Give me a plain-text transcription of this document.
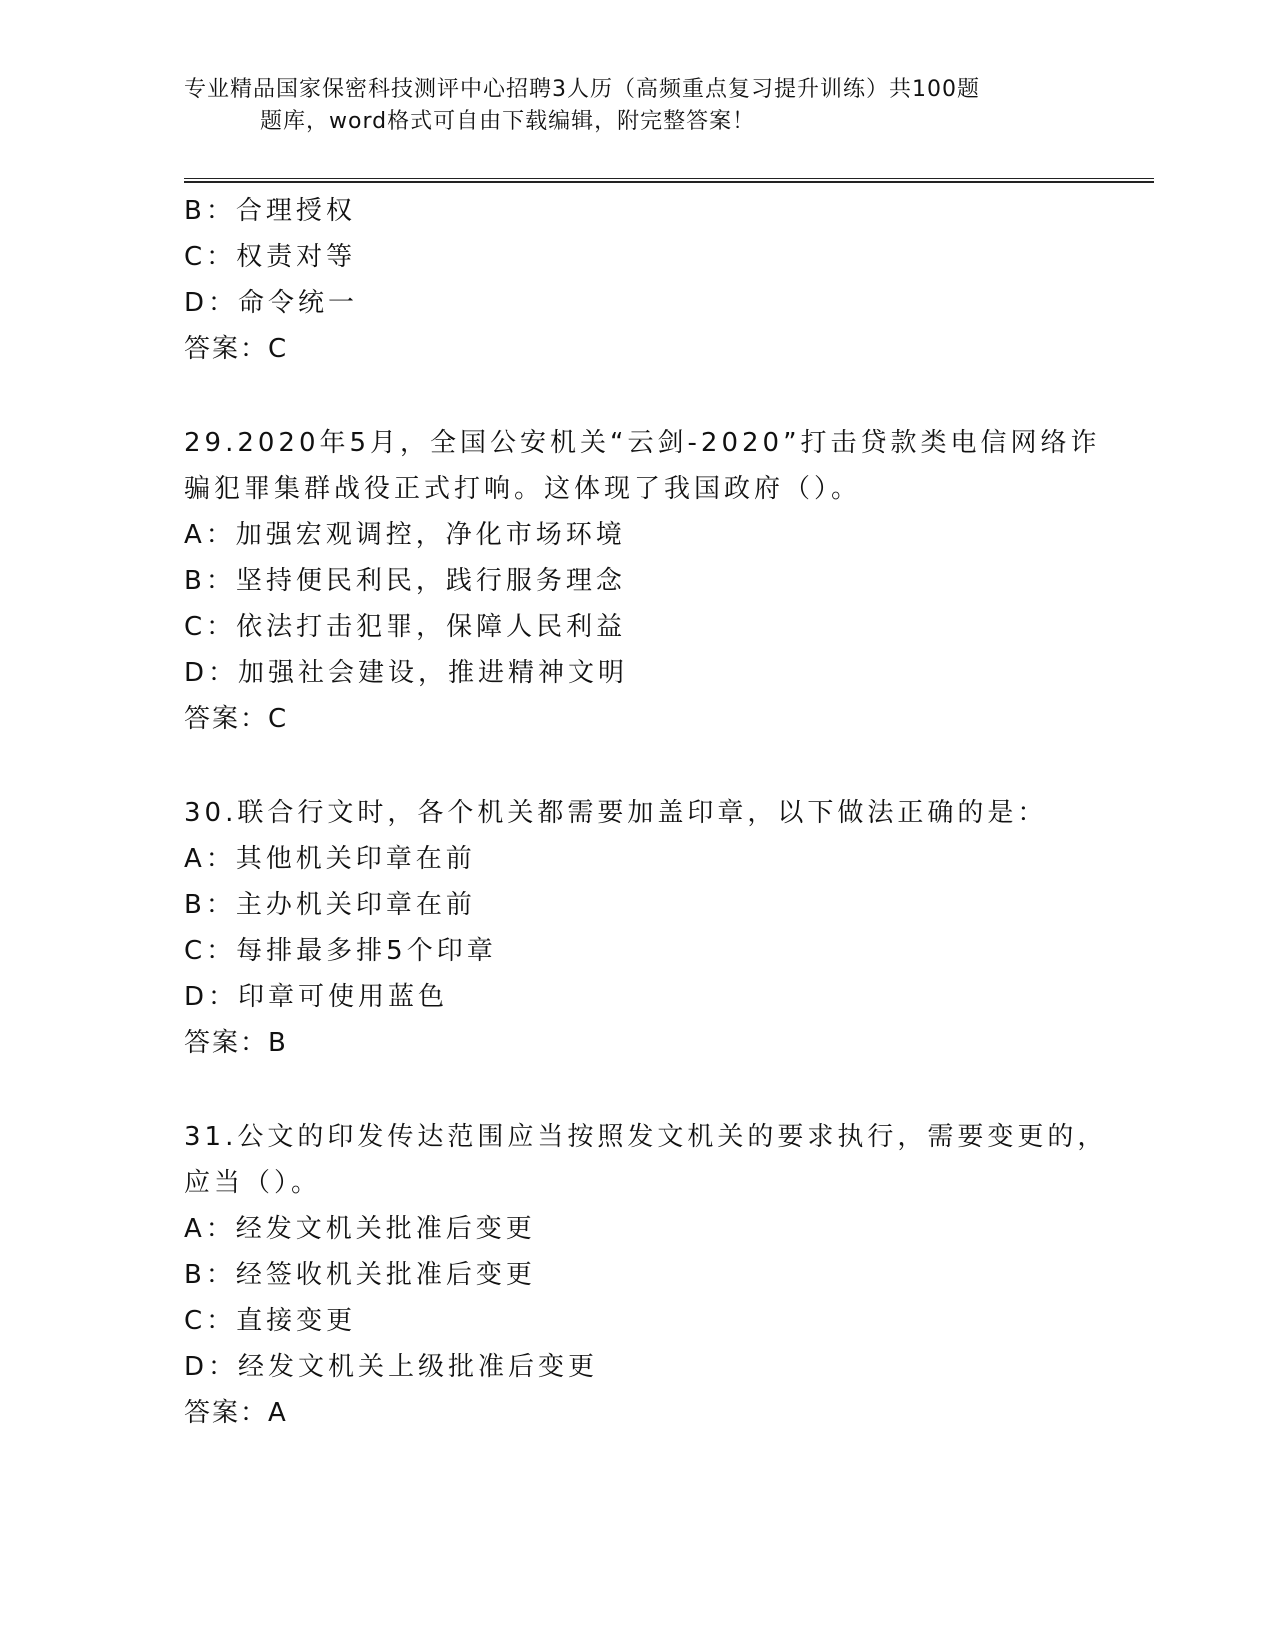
专业精品国家保密科技测评中心招聘3人历（高频重点复习提升训练）共100题
题库，word格式可自由下载编辑，附完整答案！
B：合理授权
C：权责对等
D：命令统一
答案：C
29.2020年5月，全国公安机关“云剑-2020”打击贷款类电信网络诈
骗犯罪集群战役正式打响。这体现了我国政府（）。
A：加强宏观调控，净化市场环境
B：坚持便民利民，践行服务理念
C：依法打击犯罪，保障人民利益
D：加强社会建设，推进精神文明
答案：C
30.联合行文时，各个机关都需要加盖印章，以下做法正确的是：
A：其他机关印章在前
B：主办机关印章在前
C：每排最多排5个印章
D：印章可使用蓝色
答案：B
31.公文的印发传达范围应当按照发文机关的要求执行，需要变更的，
应当（）。
A：经发文机关批准后变更
B：经签收机关批准后变更
C：直接变更
D：经发文机关上级批准后变更
答案：A
